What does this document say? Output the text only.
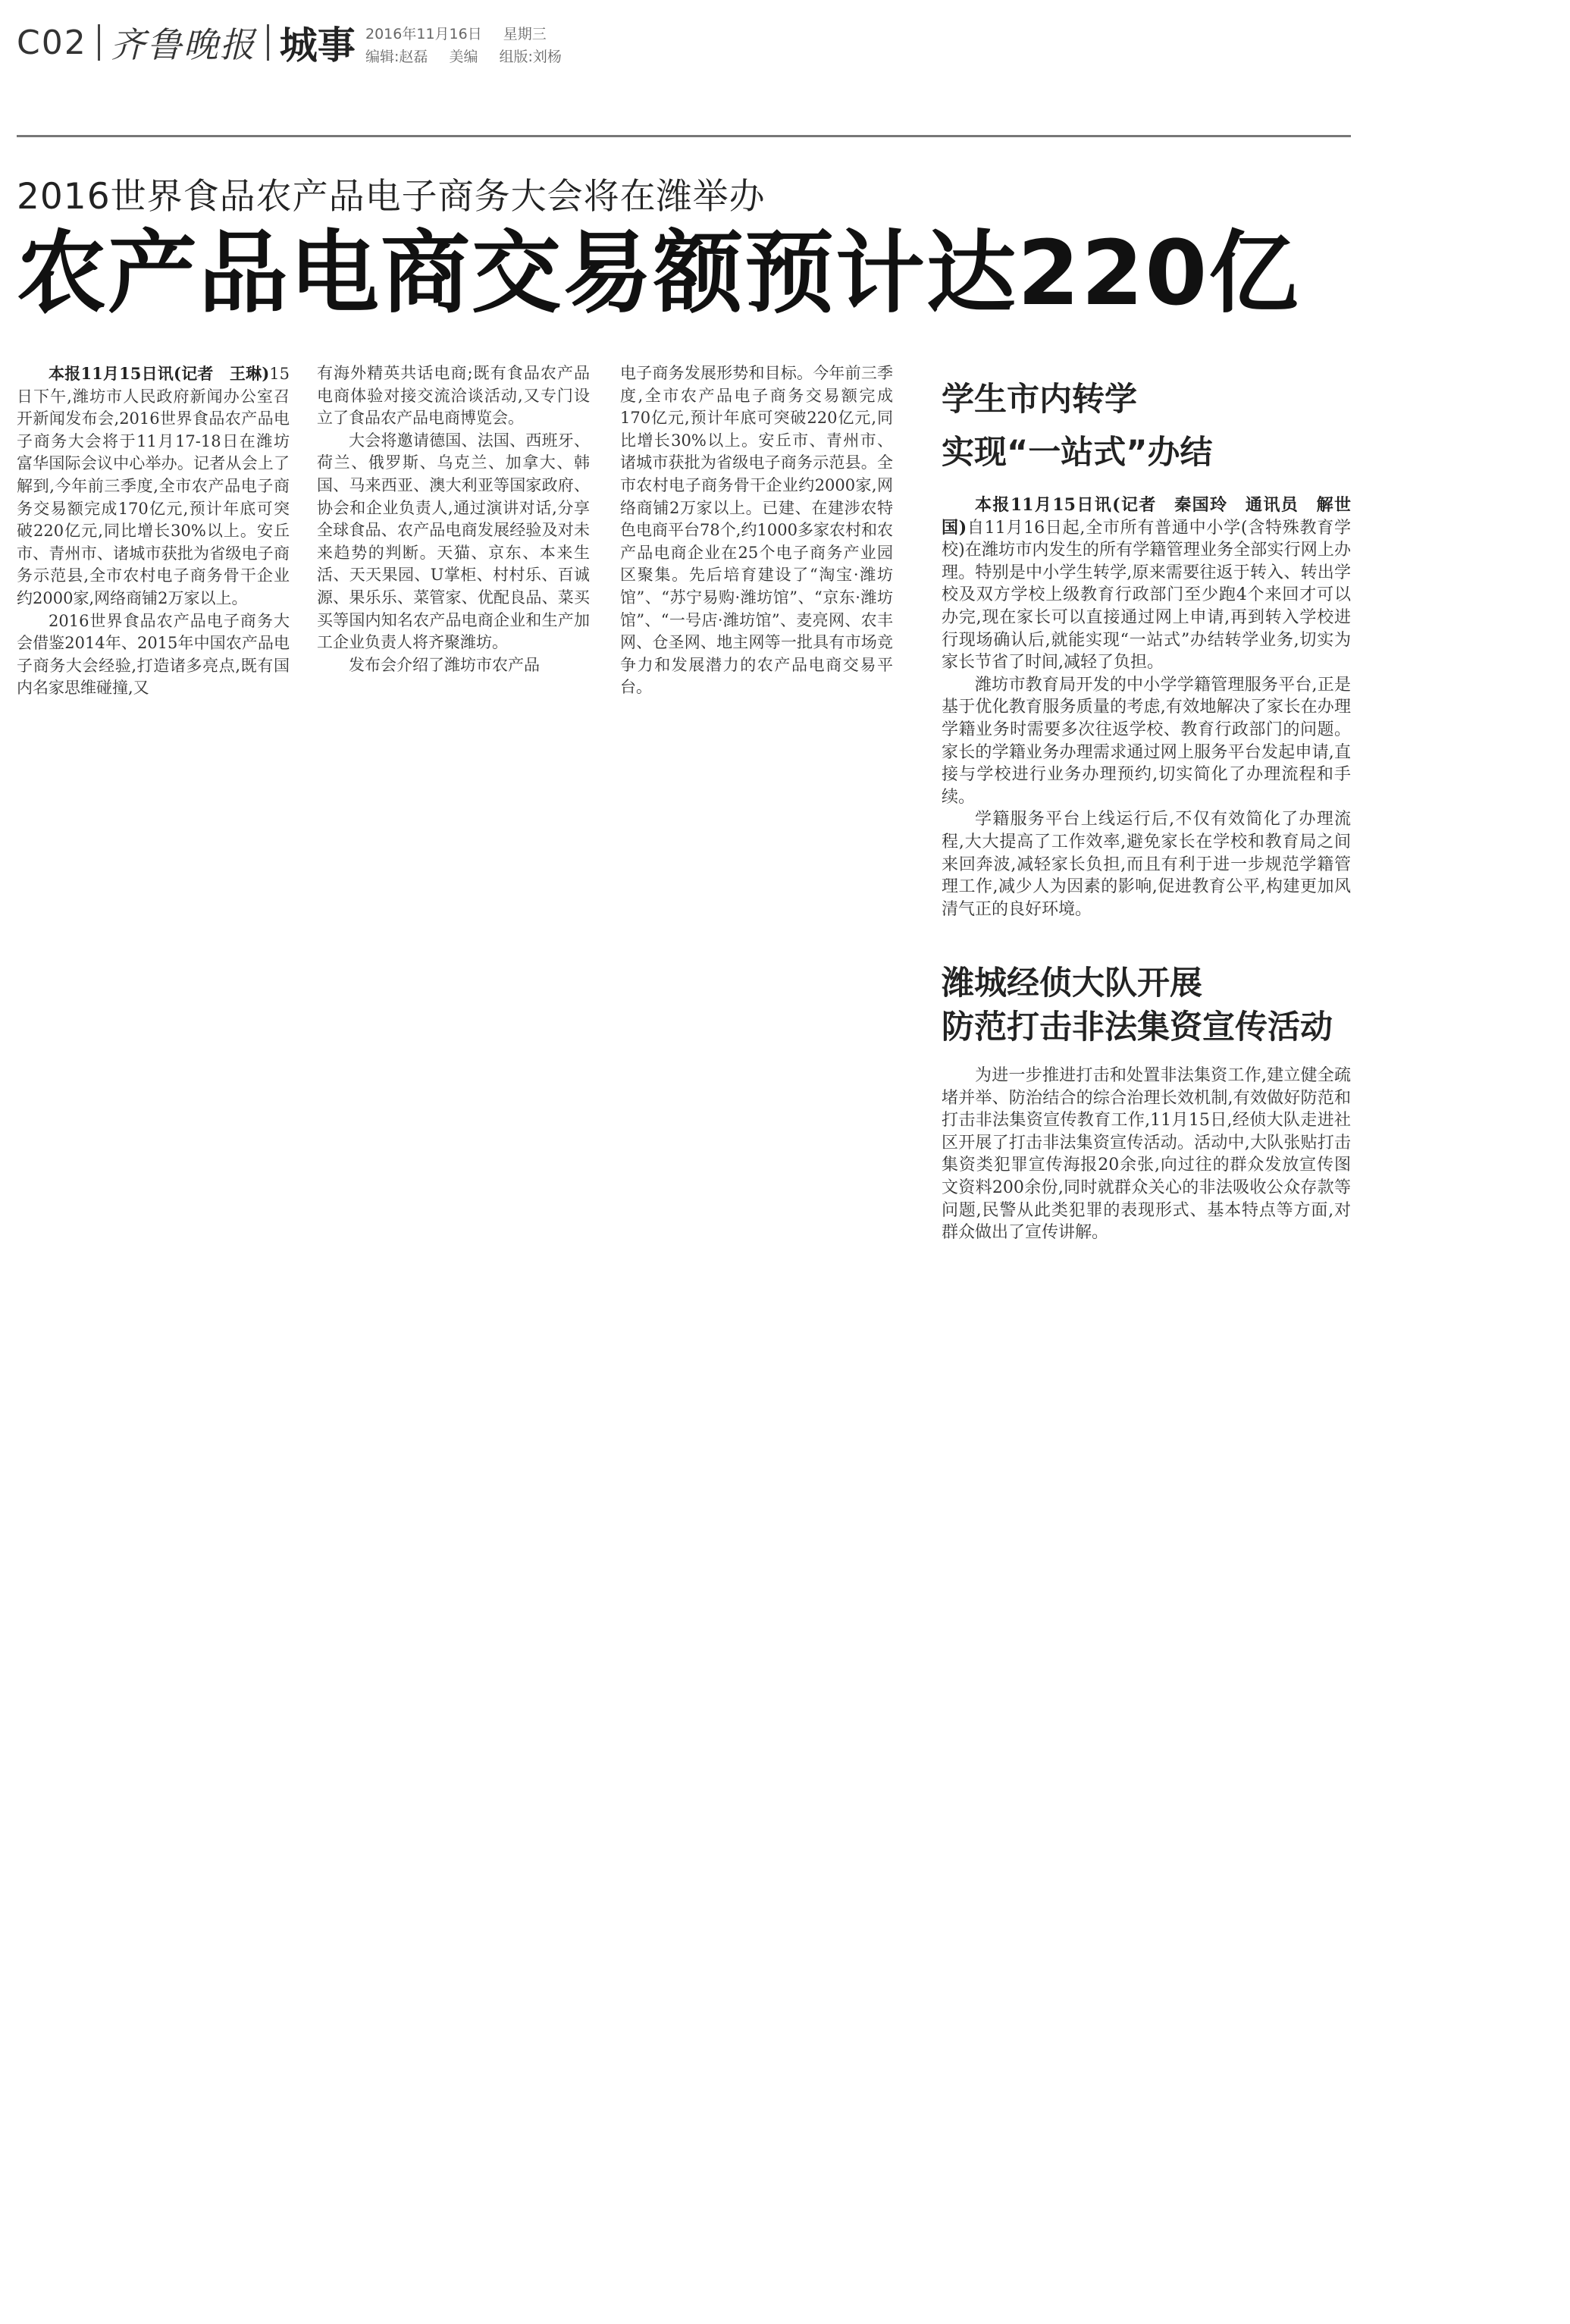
C02 齐鲁晚报 城事 2016年11月16日 星期三
编辑:赵磊 美编 组版:刘杨
2016世界食品农产品电子商务大会将在潍举办
农产品电商交易额预计达220亿

本报11月15日讯(记者　王琳)15日下午,潍坊市人民政府新闻办公室召开新闻发布会,2016世界食品农产品电子商务大会将于11月17-18日在潍坊富华国际会议中心举办。记者从会上了解到,今年前三季度,全市农产品电子商务交易额完成170亿元,预计年底可突破220亿元,同比增长30%以上。安丘市、青州市、诸城市获批为省级电子商务示范县,全市农村电子商务骨干企业约2000家,网络商铺2万家以上。

2016世界食品农产品电子商务大会借鉴2014年、2015年中国农产品电子商务大会经验,打造诸多亮点,既有国内名家思维碰撞,又

有海外精英共话电商;既有食品农产品电商体验对接交流洽谈活动,又专门设立了食品农产品电商博览会。

大会将邀请德国、法国、西班牙、荷兰、俄罗斯、乌克兰、加拿大、韩国、马来西亚、澳大利亚等国家政府、协会和企业负责人,通过演讲对话,分享全球食品、农产品电商发展经验及对未来趋势的判断。天猫、京东、本来生活、天天果园、U掌柜、村村乐、百诚源、果乐乐、菜管家、优配良品、菜买买等国内知名农产品电商企业和生产加工企业负责人将齐聚潍坊。

发布会介绍了潍坊市农产品

电子商务发展形势和目标。今年前三季度,全市农产品电子商务交易额完成170亿元,预计年底可突破220亿元,同比增长30%以上。安丘市、青州市、诸城市获批为省级电子商务示范县。全市农村电子商务骨干企业约2000家,网络商铺2万家以上。已建、在建涉农特色电商平台78个,约1000多家农村和农产品电商企业在25个电子商务产业园区聚集。先后培育建设了“淘宝·潍坊馆”、“苏宁易购·潍坊馆”、“京东·潍坊馆”、“一号店·潍坊馆”、麦亮网、农丰网、仓圣网、地主网等一批具有市场竞争力和发展潜力的农产品电商交易平台。

学生市内转学
实现“一站式”办结

本报11月15日讯(记者　秦国玲　通讯员　解世国)自11月16日起,全市所有普通中小学(含特殊教育学校)在潍坊市内发生的所有学籍管理业务全部实行网上办理。特别是中小学生转学,原来需要往返于转入、转出学校及双方学校上级教育行政部门至少跑4个来回才可以办完,现在家长可以直接通过网上申请,再到转入学校进行现场确认后,就能实现“一站式”办结转学业务,切实为家长节省了时间,减轻了负担。

潍坊市教育局开发的中小学学籍管理服务平台,正是基于优化教育服务质量的考虑,有效地解决了家长在办理学籍业务时需要多次往返学校、教育行政部门的问题。家长的学籍业务办理需求通过网上服务平台发起申请,直接与学校进行业务办理预约,切实简化了办理流程和手续。

学籍服务平台上线运行后,不仅有效简化了办理流程,大大提高了工作效率,避免家长在学校和教育局之间来回奔波,减轻家长负担,而且有利于进一步规范学籍管理工作,减少人为因素的影响,促进教育公平,构建更加风清气正的良好环境。

潍城经侦大队开展
防范打击非法集资宣传活动

为进一步推进打击和处置非法集资工作,建立健全疏堵并举、防治结合的综合治理长效机制,有效做好防范和打击非法集资宣传教育工作,11月15日,经侦大队走进社区开展了打击非法集资宣传活动。活动中,大队张贴打击集资类犯罪宣传海报20余张,向过往的群众发放宣传图文资料200余份,同时就群众关心的非法吸收公众存款等问题,民警从此类犯罪的表现形式、基本特点等方面,对群众做出了宣传讲解。
